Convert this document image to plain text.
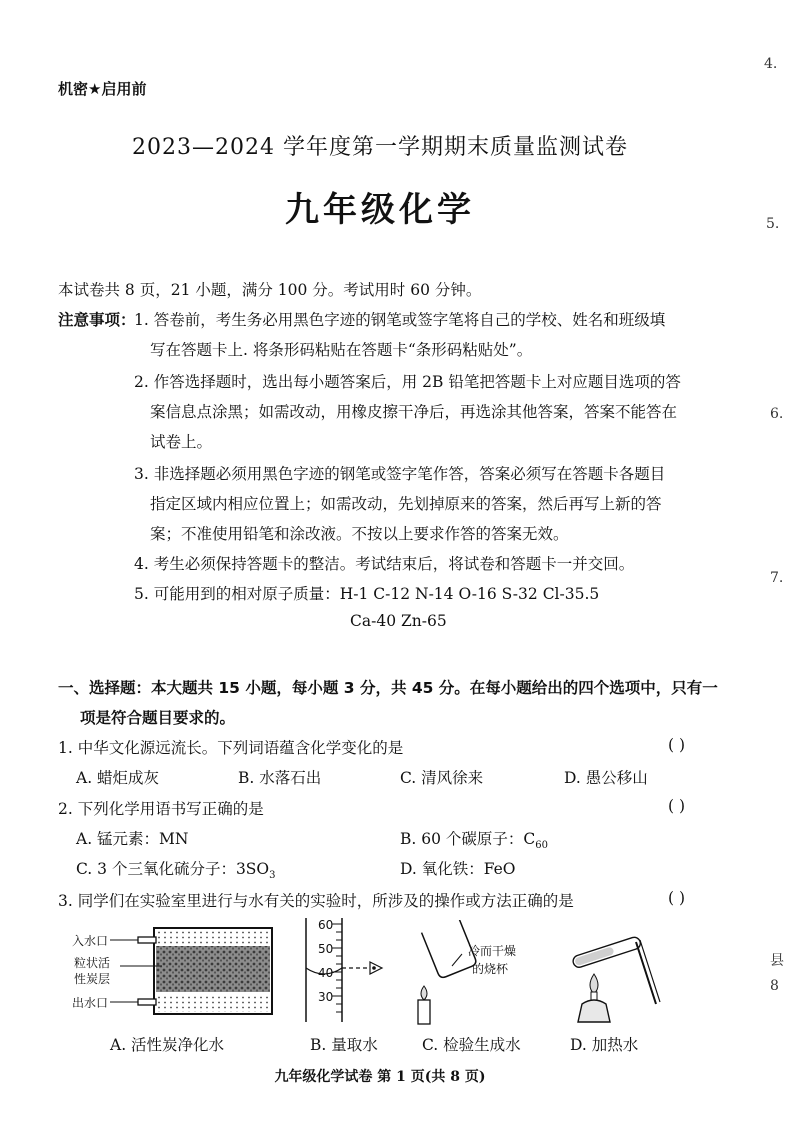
机密★启用前
2023—2024 学年度第一学期期末质量监测试卷
九年级化学
本试卷共 8 页，21 小题，满分 100 分。考试用时 60 分钟。
注意事项：
1. 答卷前，考生务必用黑色字迹的钢笔或签字笔将自己的学校、姓名和班级填
写在答题卡上. 将条形码粘贴在答题卡“条形码粘贴处”。
2. 作答选择题时，选出每小题答案后，用 2B 铅笔把答题卡上对应题目选项的答
案信息点涂黑；如需改动，用橡皮擦干净后，再选涂其他答案，答案不能答在
试卷上。
3. 非选择题必须用黑色字迹的钢笔或签字笔作答，答案必须写在答题卡各题目
指定区域内相应位置上；如需改动，先划掉原来的答案，然后再写上新的答
案；不准使用铅笔和涂改液。不按以上要求作答的答案无效。
4. 考生必须保持答题卡的整洁。考试结束后，将试卷和答题卡一并交回。
5. 可能用到的相对原子质量：H-1 C-12 N-14 O-16 S-32 Cl-35.5
Ca-40 Zn-65
一、选择题：本大题共 15 小题，每小题 3 分，共 45 分。在每小题给出的四个选项中，只有一
项是符合题目要求的。
1. 中华文化源远流长。下列词语蕴含化学变化的是	( )
A. 蜡炬成灰	B. 水落石出	C. 清风徐来	D. 愚公移山
2. 下列化学用语书写正确的是	( )
A. 锰元素：MN	B. 60 个碳原子：$C_{60}$
C. 3 个三氧化硫分子：$3SO_3$	D. 氧化铁：FeO
3. 同学们在实验室里进行与水有关的实验时，所涉及的操作或方法正确的是	( )
入水口
粒状活
性炭层
出水口
A. 活性炭净化水
60
50
40
30
B. 量取水
冷而干燥
的烧杯
C. 检验生成水	D. 加热水
九年级化学试卷 第 1 页(共 8 页)
4.
5.
6.
7.
县
8
